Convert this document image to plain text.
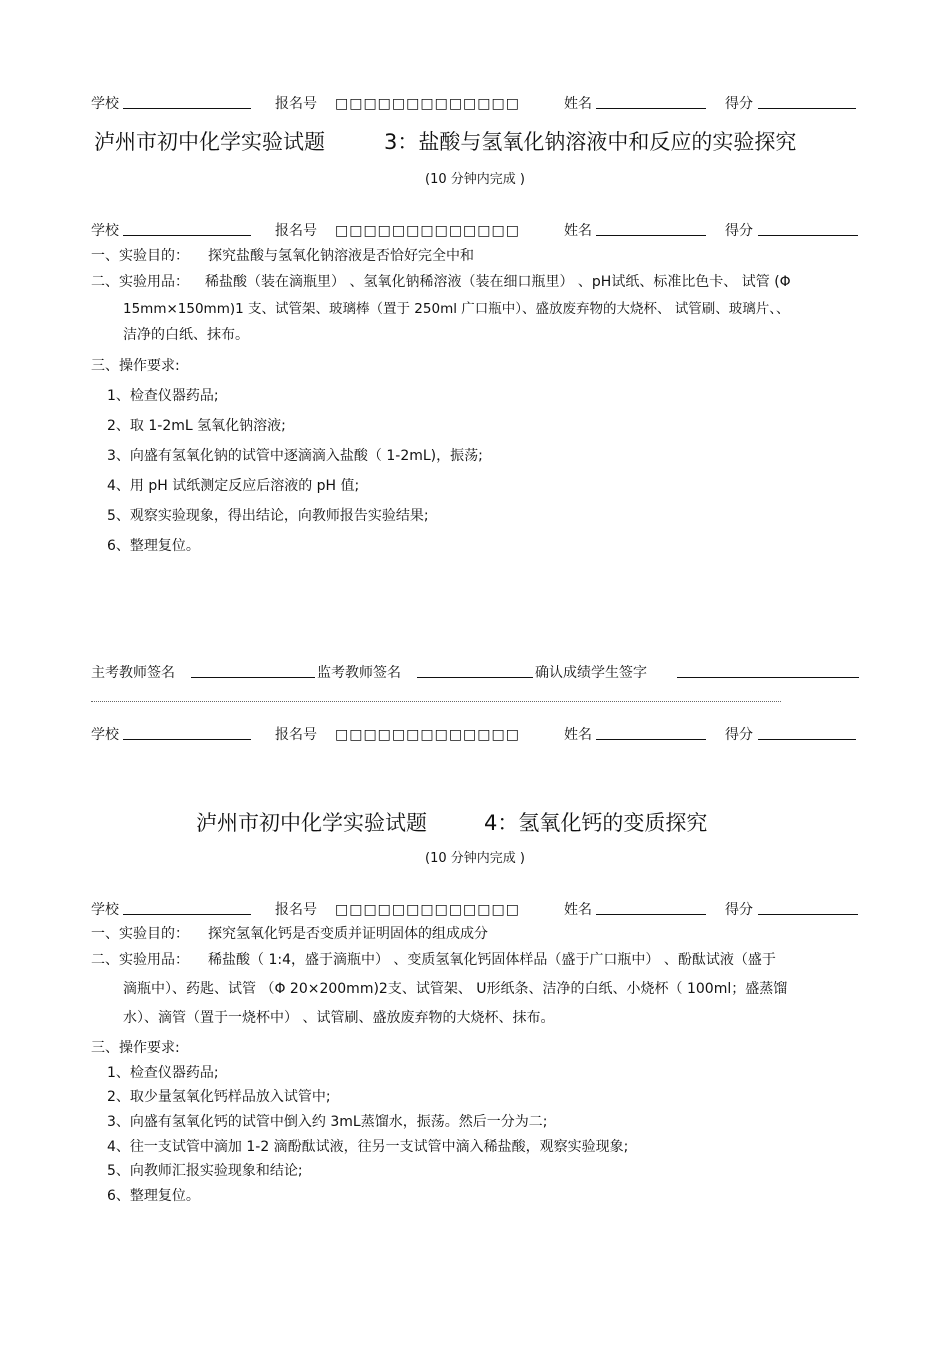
学校	报名号 □□□□□□□□□□□□□	姓名	得分
泸州市初中化学实验试题	3：盐酸与氢氧化钠溶液中和反应的实验探究
(10 分钟内完成 )
学校	报名号 □□□□□□□□□□□□□	姓名	得分
一、实验目的： 探究盐酸与氢氧化钠溶液是否恰好完全中和
二、实验用品： 稀盐酸（装在滴瓶里） 、氢氧化钠稀溶液（装在细口瓶里） 、pH试纸、标准比色卡、 试管 (Φ
15mm×150mm)1 支、试管架、玻璃棒（置于 250ml 广口瓶中）、盛放废弃物的大烧杯、 试管刷、玻璃片、、
洁净的白纸、抹布。
三、操作要求:
1、检查仪器药品;
2、取 1-2mL 氢氧化钠溶液;
3、向盛有氢氧化钠的试管中逐滴滴入盐酸（ 1-2mL)，振荡;
4、用 pH 试纸测定反应后溶液的 pH 值;
5、观察实验现象，得出结论，向教师报告实验结果;
6、整理复位。
主考教师签名	监考教师签名	确认成绩学生签字
学校	报名号 □□□□□□□□□□□□□	姓名	得分
泸州市初中化学实验试题	4：氢氧化钙的变质探究
(10 分钟内完成 )
学校	报名号 □□□□□□□□□□□□□	姓名	得分
一、实验目的： 探究氢氧化钙是否变质并证明固体的组成成分
二、实验用品： 稀盐酸（ 1:4，盛于滴瓶中） 、变质氢氧化钙固体样品（盛于广口瓶中） 、酚酞试液（盛于
滴瓶中）、药匙、试管 （Φ 20×200mm)2支、试管架、 U形纸条、洁净的白纸、小烧杯（ 100ml；盛蒸馏
水）、滴管（置于一烧杯中） 、试管刷、盛放废弃物的大烧杯、抹布。
三、操作要求:
1、检查仪器药品;
2、取少量氢氧化钙样品放入试管中;
3、向盛有氢氧化钙的试管中倒入约 3mL蒸馏水，振荡。然后一分为二;
4、往一支试管中滴加 1-2 滴酚酞试液，往另一支试管中滴入稀盐酸，观察实验现象;
5、向教师汇报实验现象和结论;
6、整理复位。
